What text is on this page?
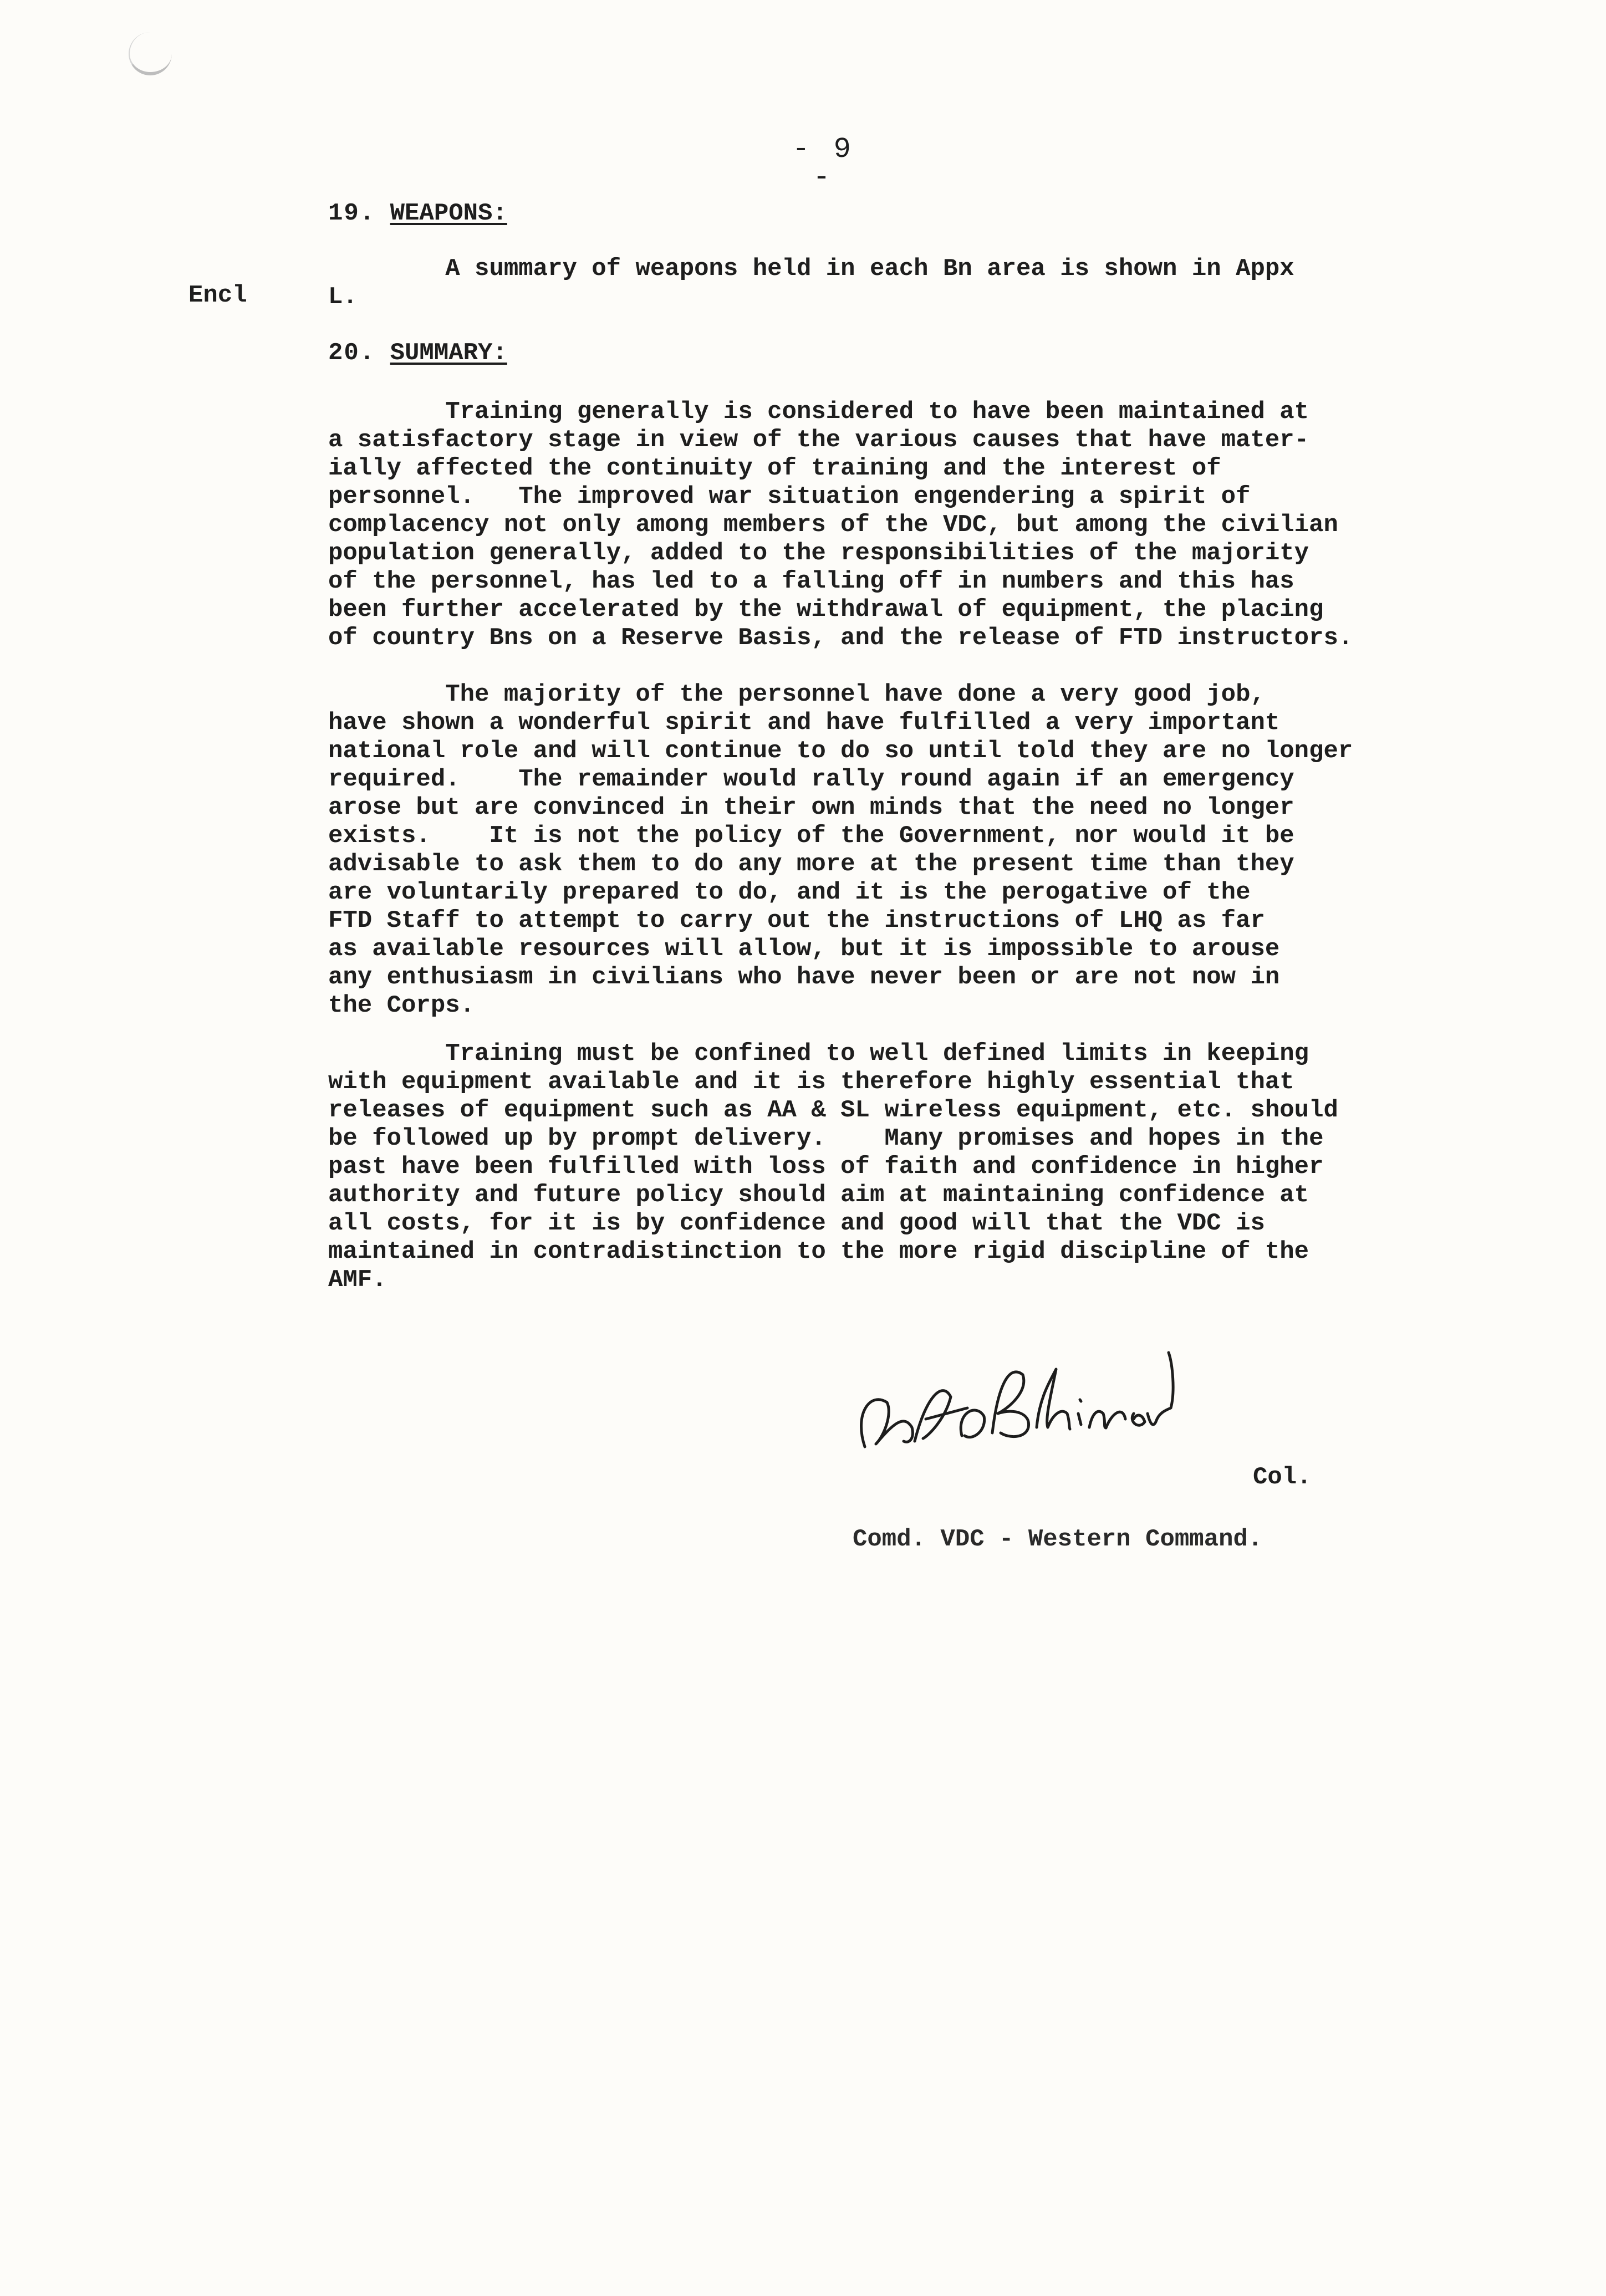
- 9 -
19. WEAPONS:
A summary of weapons held in each Bn area is shown in Appx
Encl	L.
20. SUMMARY:
Training generally is considered to have been maintained at
a satisfactory stage in view of the various causes that have mater-
ially affected the continuity of training and the interest of
personnel.   The improved war situation engendering a spirit of
complacency not only among members of the VDC, but among the civilian
population generally, added to the responsibilities of the majority
of the personnel, has led to a falling off in numbers and this has
been further accelerated by the withdrawal of equipment, the placing
of country Bns on a Reserve Basis, and the release of FTD instructors.
The majority of the personnel have done a very good job,
have shown a wonderful spirit and have fulfilled a very important
national role and will continue to do so until told they are no longer
required.    The remainder would rally round again if an emergency
arose but are convinced in their own minds that the need no longer
exists.    It is not the policy of the Government, nor would it be
advisable to ask them to do any more at the present time than they
are voluntarily prepared to do, and it is the perogative of the
FTD Staff to attempt to carry out the instructions of LHQ as far
as available resources will allow, but it is impossible to arouse
any enthusiasm in civilians who have never been or are not now in
the Corps.
Training must be confined to well defined limits in keeping
with equipment available and it is therefore highly essential that
releases of equipment such as AA & SL wireless equipment, etc. should
be followed up by prompt delivery.    Many promises and hopes in the
past have been fulfilled with loss of faith and confidence in higher
authority and future policy should aim at maintaining confidence at
all costs, for it is by confidence and good will that the VDC is
maintained in contradistinction to the more rigid discipline of the
AMF.
Col.
Comd. VDC - Western Command.
